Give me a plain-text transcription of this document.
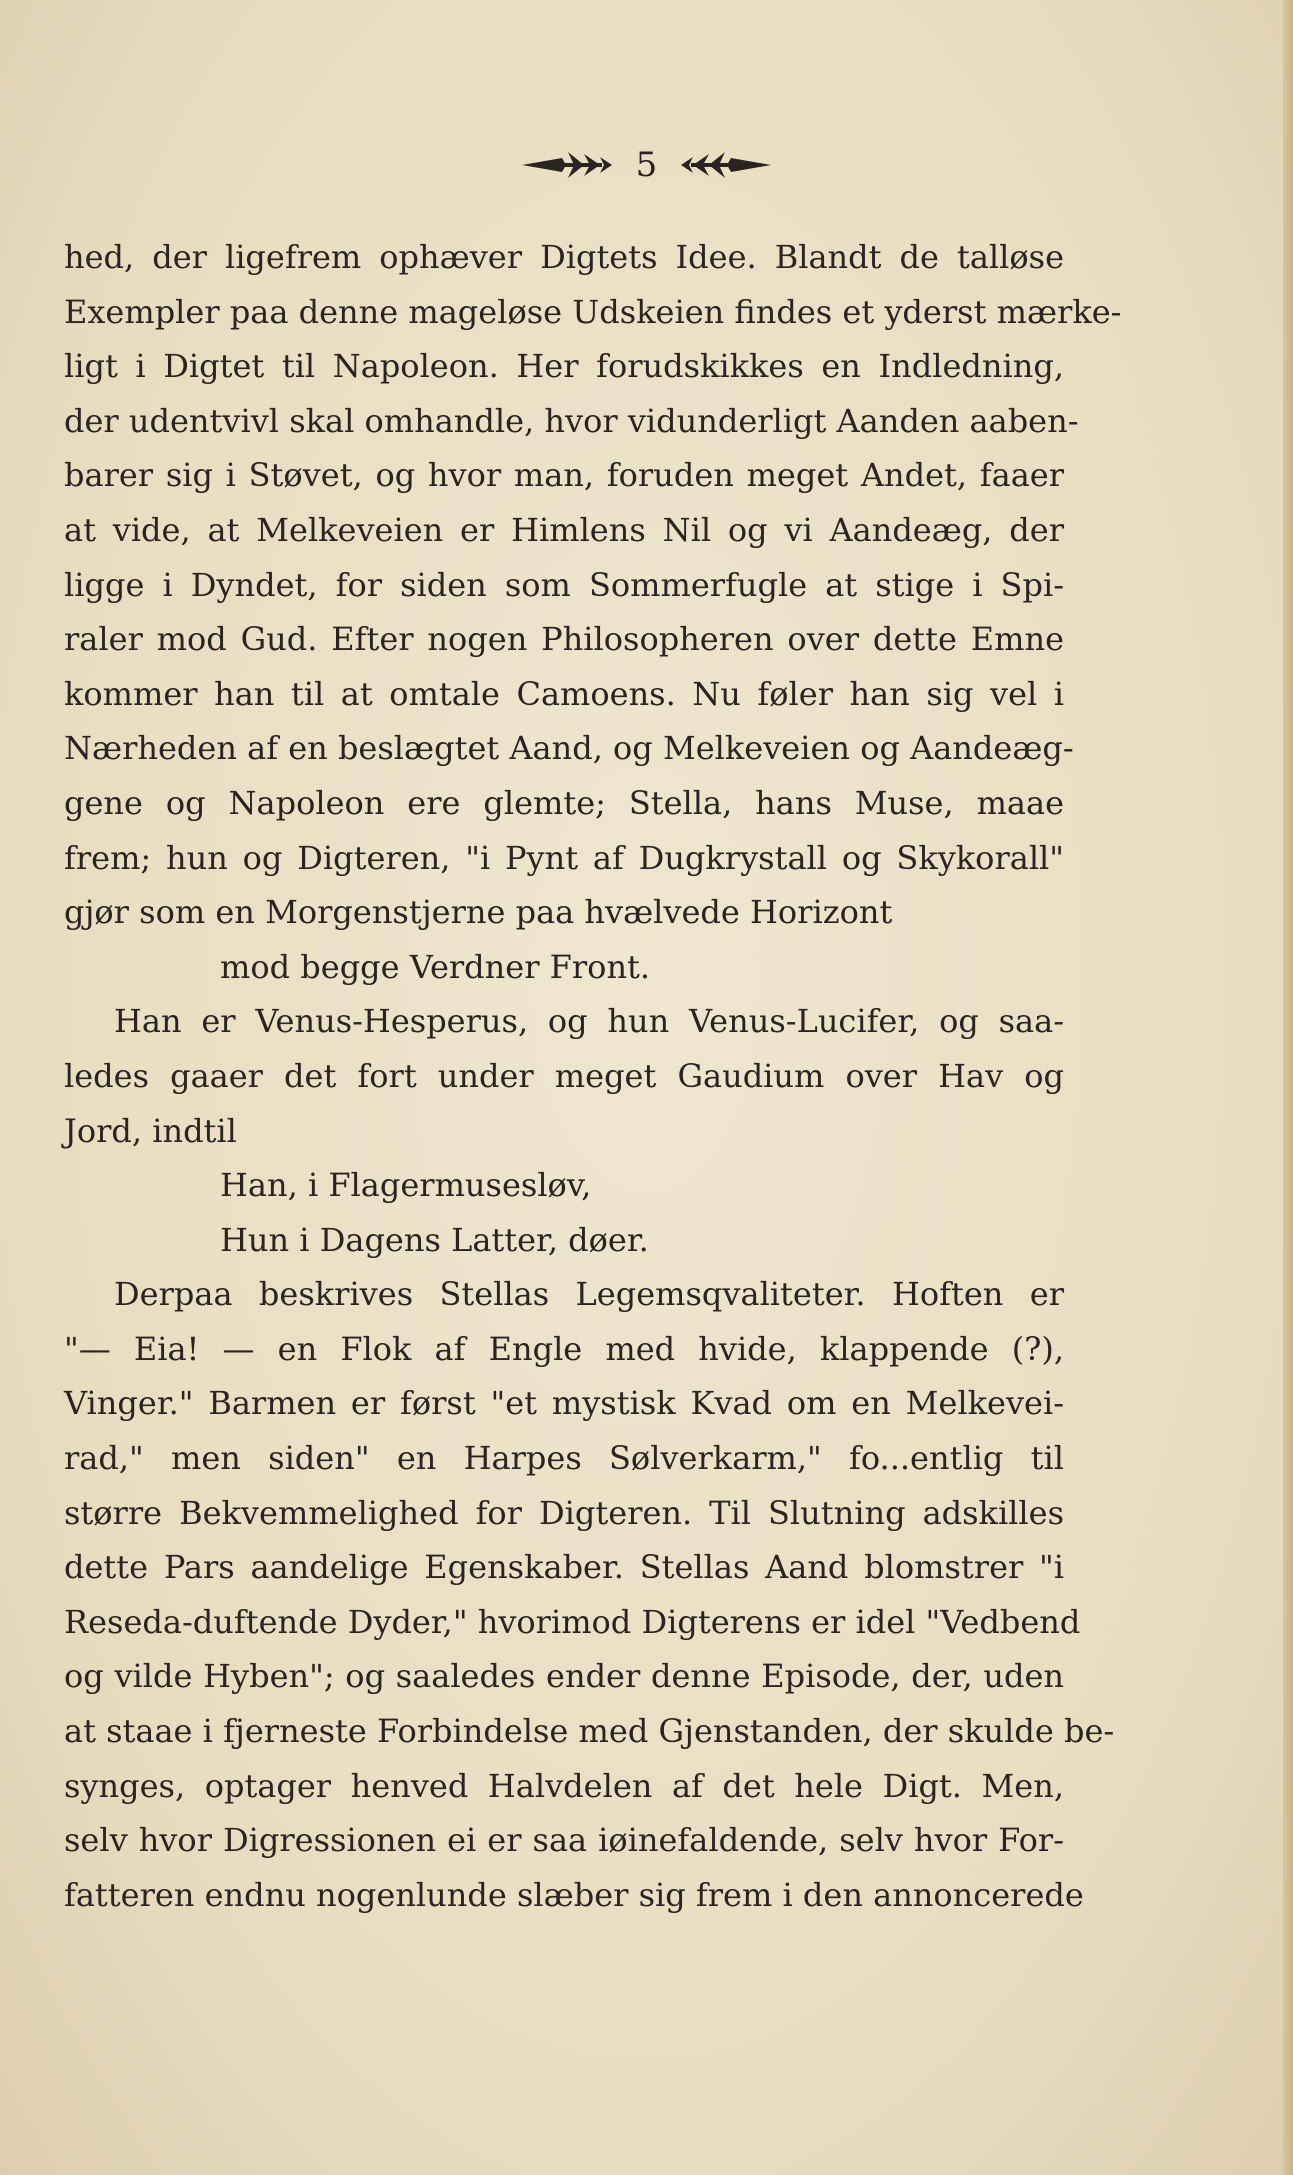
5
hed, der ligefrem ophæver Digtets Idee. Blandt de talløse
Exempler paa denne mageløse Udskeien findes et yderst mærke-
ligt i Digtet til Napoleon. Her forudskikkes en Indledning,
der udentvivl skal omhandle, hvor vidunderligt Aanden aaben-
barer sig i Støvet, og hvor man, foruden meget Andet, faaer
at vide, at Melkeveien er Himlens Nil og vi Aandeæg, der
ligge i Dyndet, for siden som Sommerfugle at stige i Spi-
raler mod Gud. Efter nogen Philosopheren over dette Emne
kommer han til at omtale Camoens. Nu føler han sig vel i
Nærheden af en beslægtet Aand, og Melkeveien og Aandeæg-
gene og Napoleon ere glemte; Stella, hans Muse, maae
frem; hun og Digteren, "i Pynt af Dugkrystall og Skykorall"
gjør som en Morgenstjerne paa hvælvede Horizont
mod begge Verdner Front.
Han er Venus-Hesperus, og hun Venus-Lucifer, og saa-
ledes gaaer det fort under meget Gaudium over Hav og
Jord, indtil
Han, i Flagermusesløv,
Hun i Dagens Latter, døer.
Derpaa beskrives Stellas Legemsqvaliteter. Hoften er
"— Eia! — en Flok af Engle med hvide, klappende (?),
Vinger." Barmen er først "et mystisk Kvad om en Melkevei-
rad," men siden" en Harpes Sølverkarm," fo...entlig til
større Bekvemmelighed for Digteren. Til Slutning adskilles
dette Pars aandelige Egenskaber. Stellas Aand blomstrer "i
Reseda-duftende Dyder," hvorimod Digterens er idel "Vedbend
og vilde Hyben"; og saaledes ender denne Episode, der, uden
at staae i fjerneste Forbindelse med Gjenstanden, der skulde be-
synges, optager henved Halvdelen af det hele Digt. Men,
selv hvor Digressionen ei er saa iøinefaldende, selv hvor For-
fatteren endnu nogenlunde slæber sig frem i den annoncerede
